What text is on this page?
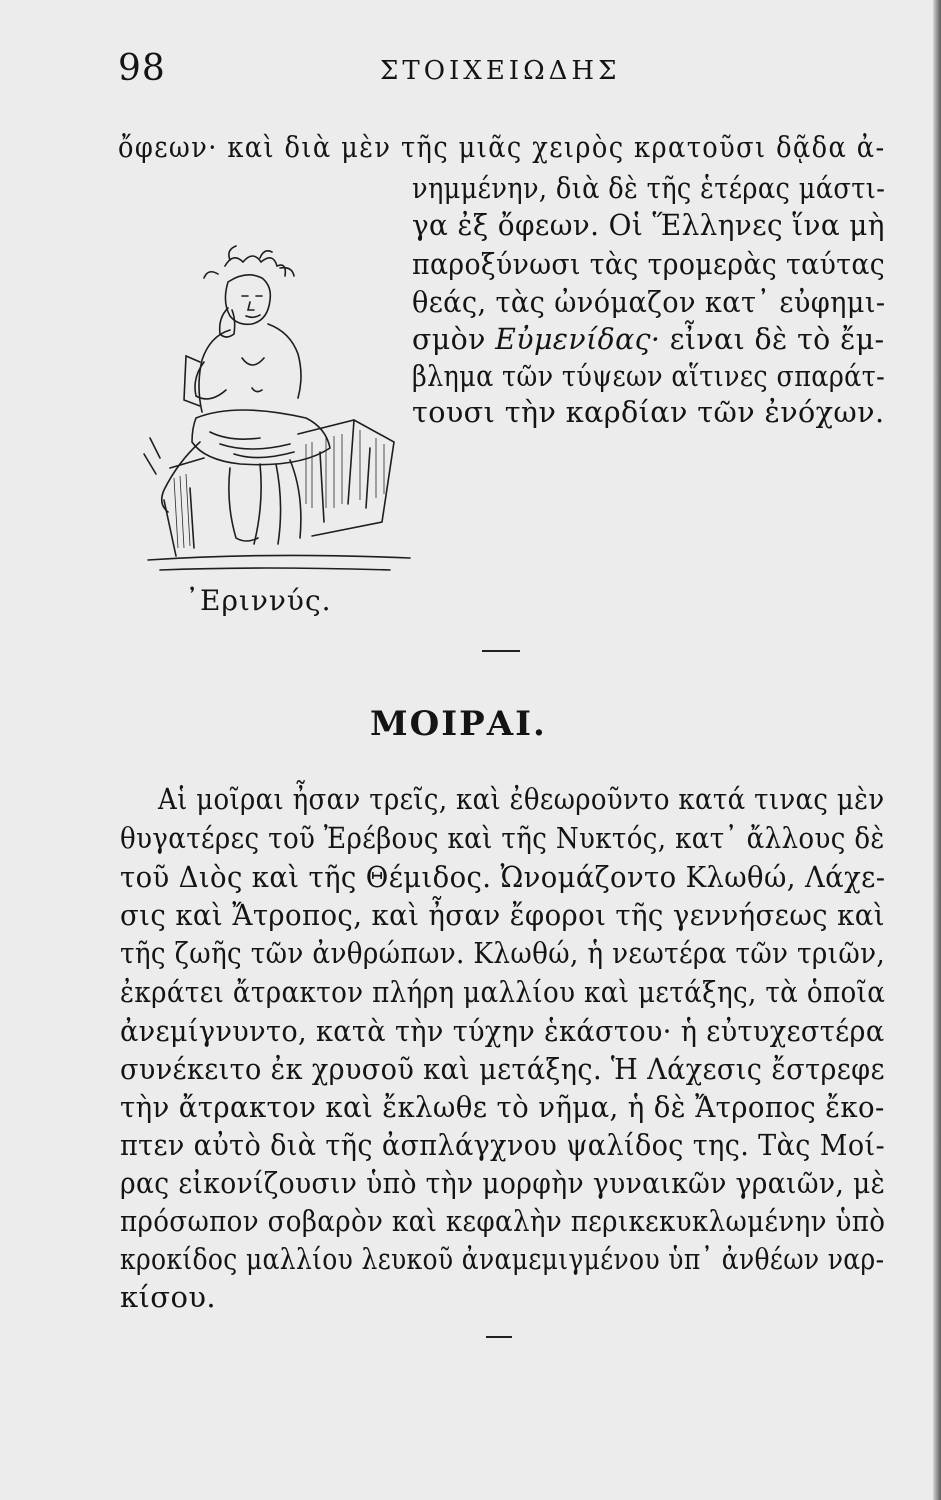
98	ΣΤΟΙΧΕΙΩΔΗΣ
ὄφεων· καὶ διὰ μὲν τῆς μιᾶς χειρὸς κρατοῦσι δᾷδα ἀ-
νημμένην, διὰ δὲ τῆς ἑτέρας μάστι-
γα ἐξ ὄφεων. Οἱ Ἕλληνες ἵνα μὴ
παροξύνωσι τὰς τρομερὰς ταύτας
θεάς, τὰς ὠνόμαζον κατ᾽ εὐφημι-
σμὸν Εὐμενίδας· εἶναι δὲ τὸ ἔμ-
βλημα τῶν τύψεων αἵτινες σπαράτ-
τουσι τὴν καρδίαν τῶν ἐνόχων.
᾿Εριννύς.
ΜΟΙΡΑΙ.
Αἱ μοῖραι ἦσαν τρεῖς, καὶ ἐθεωροῦντο κατά τινας μὲν
θυγατέρες τοῦ Ἐρέβους καὶ τῆς Νυκτός, κατ᾽ ἄλλους δὲ
τοῦ Διὸς καὶ τῆς Θέμιδος. Ὠνομάζοντο Κλωθώ, Λάχε-
σις καὶ Ἄτροπος, καὶ ἦσαν ἔφοροι τῆς γεννήσεως καὶ
τῆς ζωῆς τῶν ἀνθρώπων. Κλωθώ, ἡ νεωτέρα τῶν τριῶν,
ἐκράτει ἄτρακτον πλήρη μαλλίου καὶ μετάξης, τὰ ὁποῖα
ἀνεμίγνυντο, κατὰ τὴν τύχην ἑκάστου· ἡ εὐτυχεστέρα
συνέκειτο ἐκ χρυσοῦ καὶ μετάξης. Ἡ Λάχεσις ἔστρεφε
τὴν ἄτρακτον καὶ ἔκλωθε τὸ νῆμα, ἡ δὲ Ἄτροπος ἔκο-
πτεν αὐτὸ διὰ τῆς ἀσπλάγχνου ψαλίδος της. Τὰς Μοί-
ρας εἰκονίζουσιν ὑπὸ τὴν μορφὴν γυναικῶν γραιῶν, μὲ
πρόσωπον σοβαρὸν καὶ κεφαλὴν περικεκυκλωμένην ὑπὸ
κροκίδος μαλλίου λευκοῦ ἀναμεμιγμένου ὑπ᾽ ἀνθέων ναρ-
κίσου.
